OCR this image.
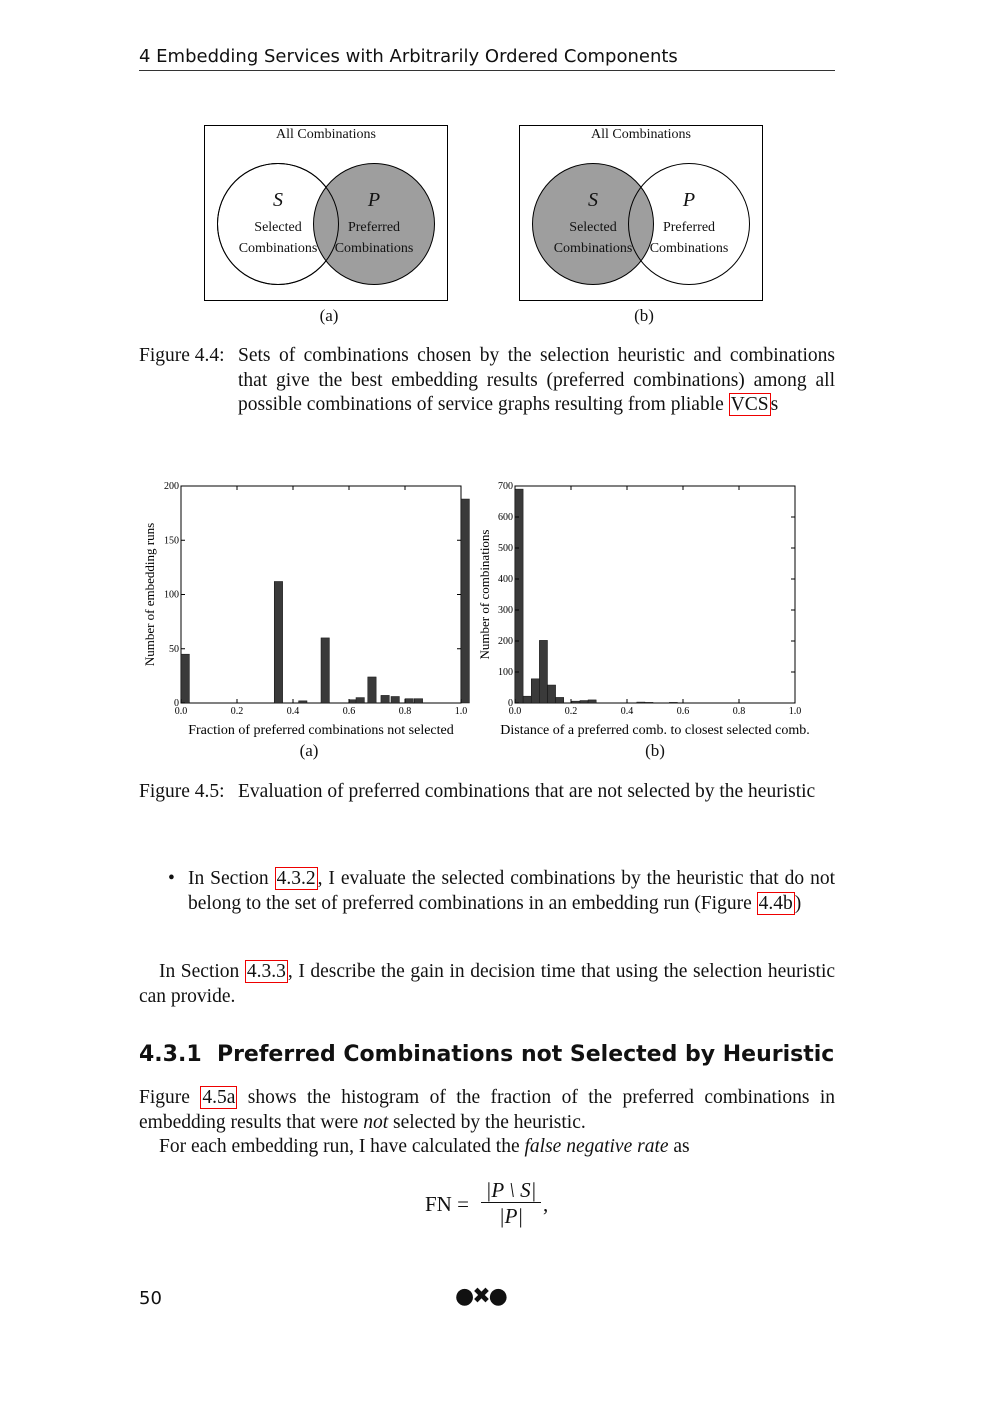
4 Embedding Services with Arbitrarily Ordered Components
All Combinations
S
Selected
Combinations
P
Preferred
Combinations
(a)
All Combinations
S
Selected
Combinations
P
Preferred
Combinations
(b)
Figure 4.4: Sets of combinations chosen by the selection heuristic and combinations that give the best embedding results (preferred combinations) among all possible combinations of service graphs resulting from pliable VCS s
0.0	0.2	0.4	0.6	0.8	1.0
0
50
100
150
200
Fraction of preferred combinations not selected
Number of embedding runs
0.0	0.2	0.4	0.6	0.8	1.0
0
100
200
300
400
500
600
700
Distance of a preferred comb. to closest selected comb.
Number of combinations
(a)	(b)
Figure 4.5: Evaluation of preferred combinations that are not selected by the heuristic
• In Section 4.3.2 , I evaluate the selected combinations by the heuristic that do not belong to the set of preferred combinations in an embedding run (Figure 4.4b )
In Section 4.3.3 , I describe the gain in decision time that using the selection heuristic can provide.
4.3.1  Preferred Combinations not Selected by Heuristic
Figure 4.5a shows the histogram of the fraction of the preferred combinations in embedding results that were not selected by the heuristic.
For each embedding run, I have calculated the false negative rate as
FN = $\frac{|P \backslash S|}{|P|}$ ,
50	●✖●
